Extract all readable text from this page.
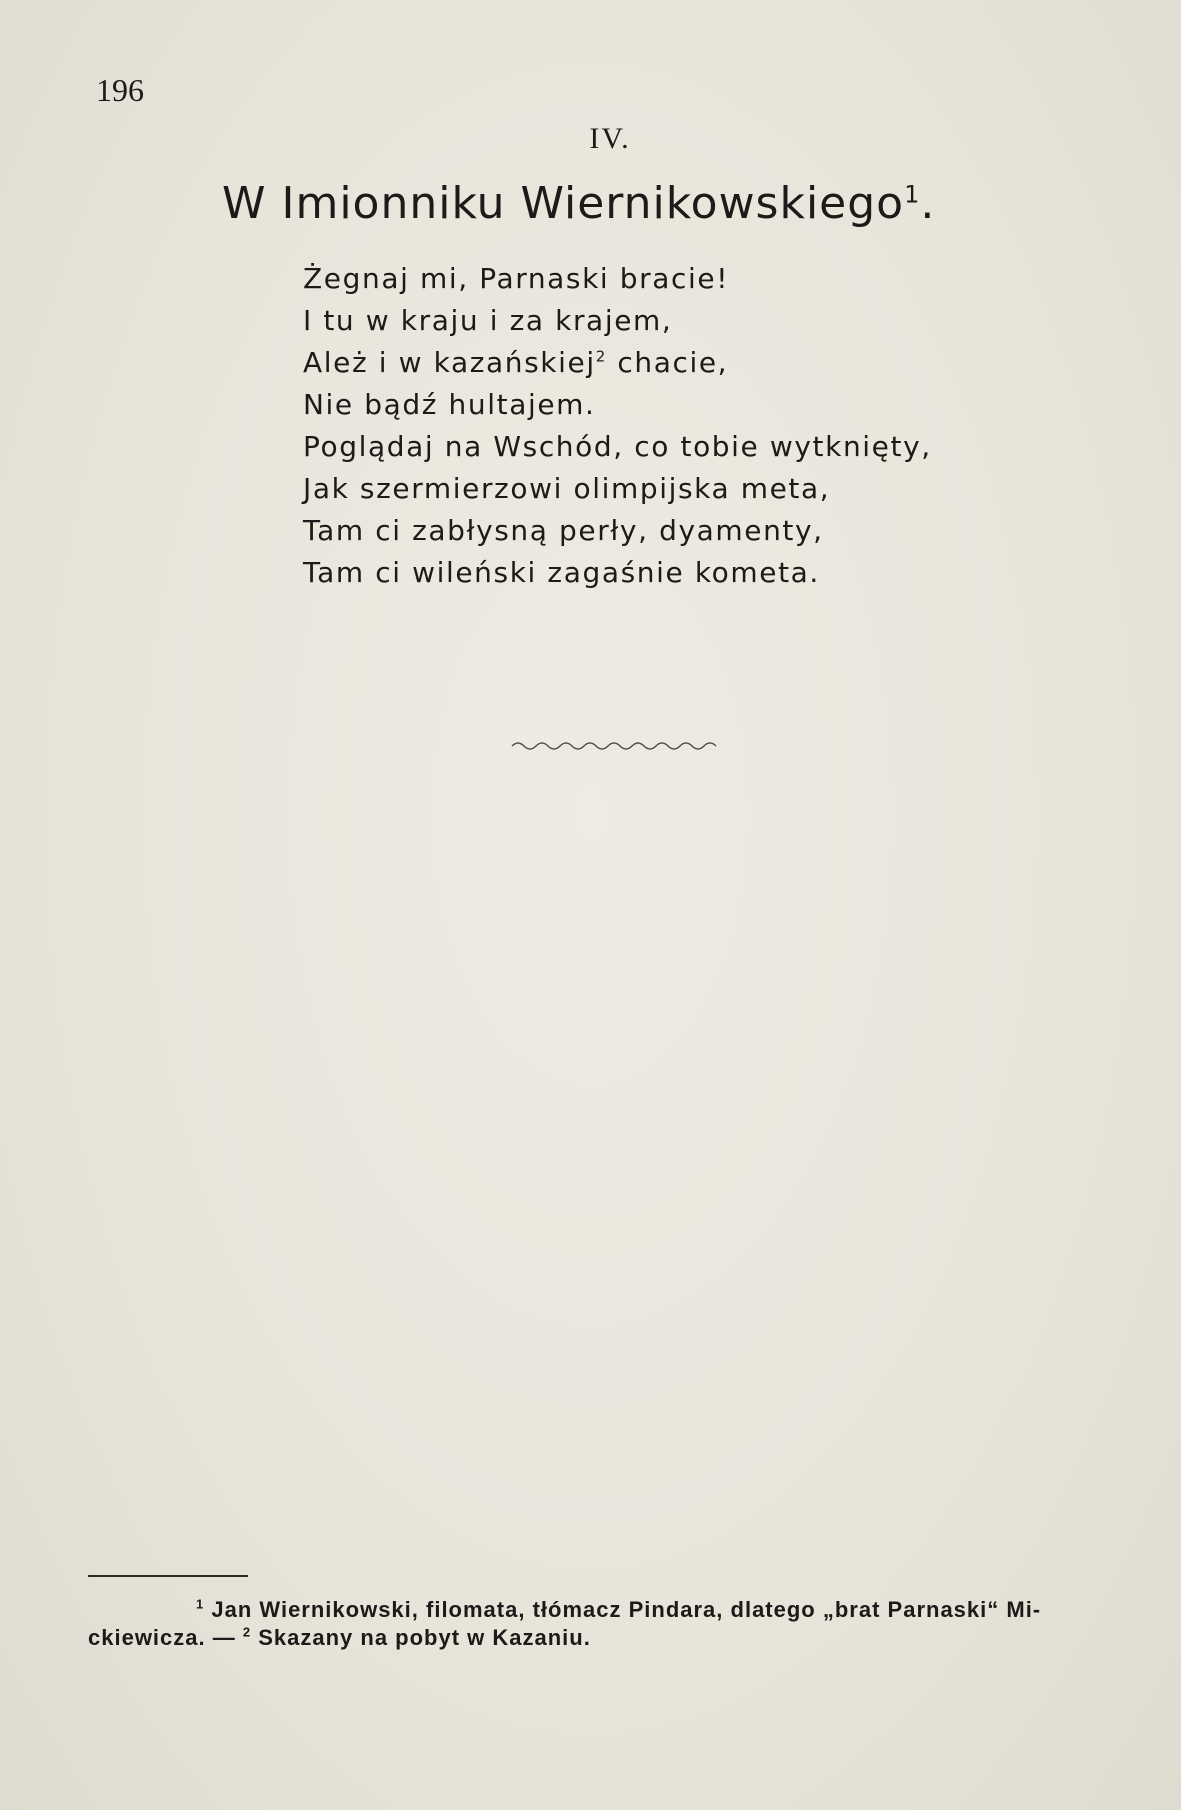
196
IV.
W Imionniku Wiernikowskiego$^1$.
Żegnaj mi, Parnaski bracie!
I tu w kraju i za krajem,
Ależ i w kazańskiej$^2$ chacie,
Nie bądź hultajem.
Poglądaj na Wschód, co tobie wytknięty,
Jak szermierzowi olimpijska meta,
Tam ci zabłysną perły, dyamenty,
Tam ci wileński zagaśnie kometa.
$^1$ Jan Wiernikowski, filomata, tłómacz Pindara, dlatego „brat Parnaski“ Mi-
ckiewicza. — $^2$ Skazany na pobyt w Kazaniu.
